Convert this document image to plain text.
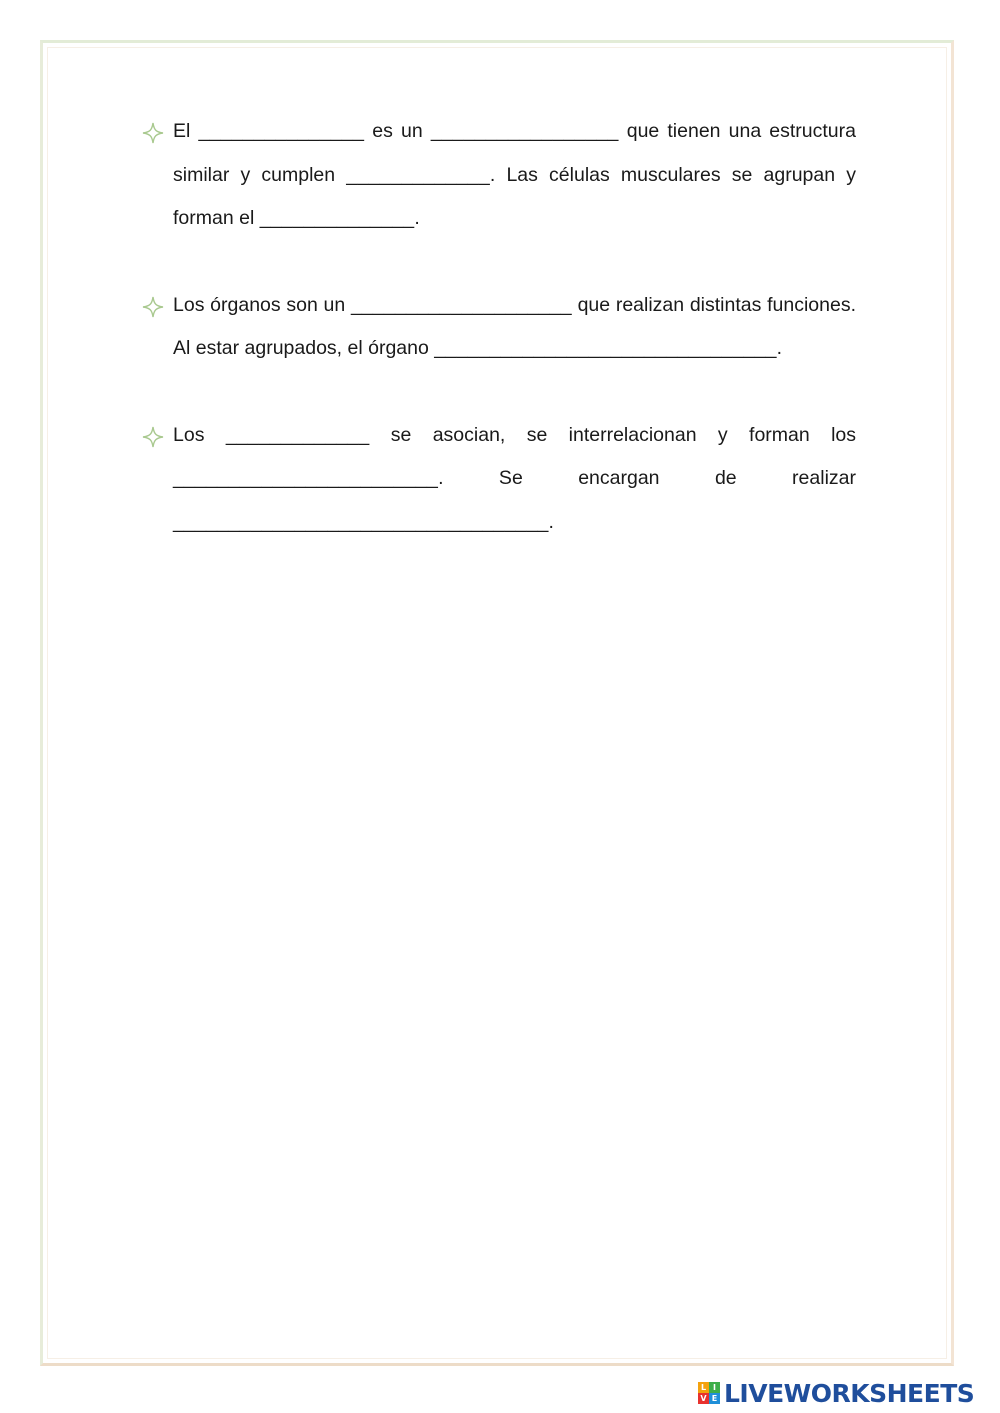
El _______________ es un _________________ que tienen una estructura similar y cumplen _____________. Las células musculares se agrupan y forman el ______________.

Los órganos son un ____________________ que realizan distintas funciones. Al estar agrupados, el órgano _______________________________.

Los _____________ se asocian, se interrelacionan y forman los ________________________. Se encargan de realizar __________________________________.

L I
V E LIVEWORKSHEETS
